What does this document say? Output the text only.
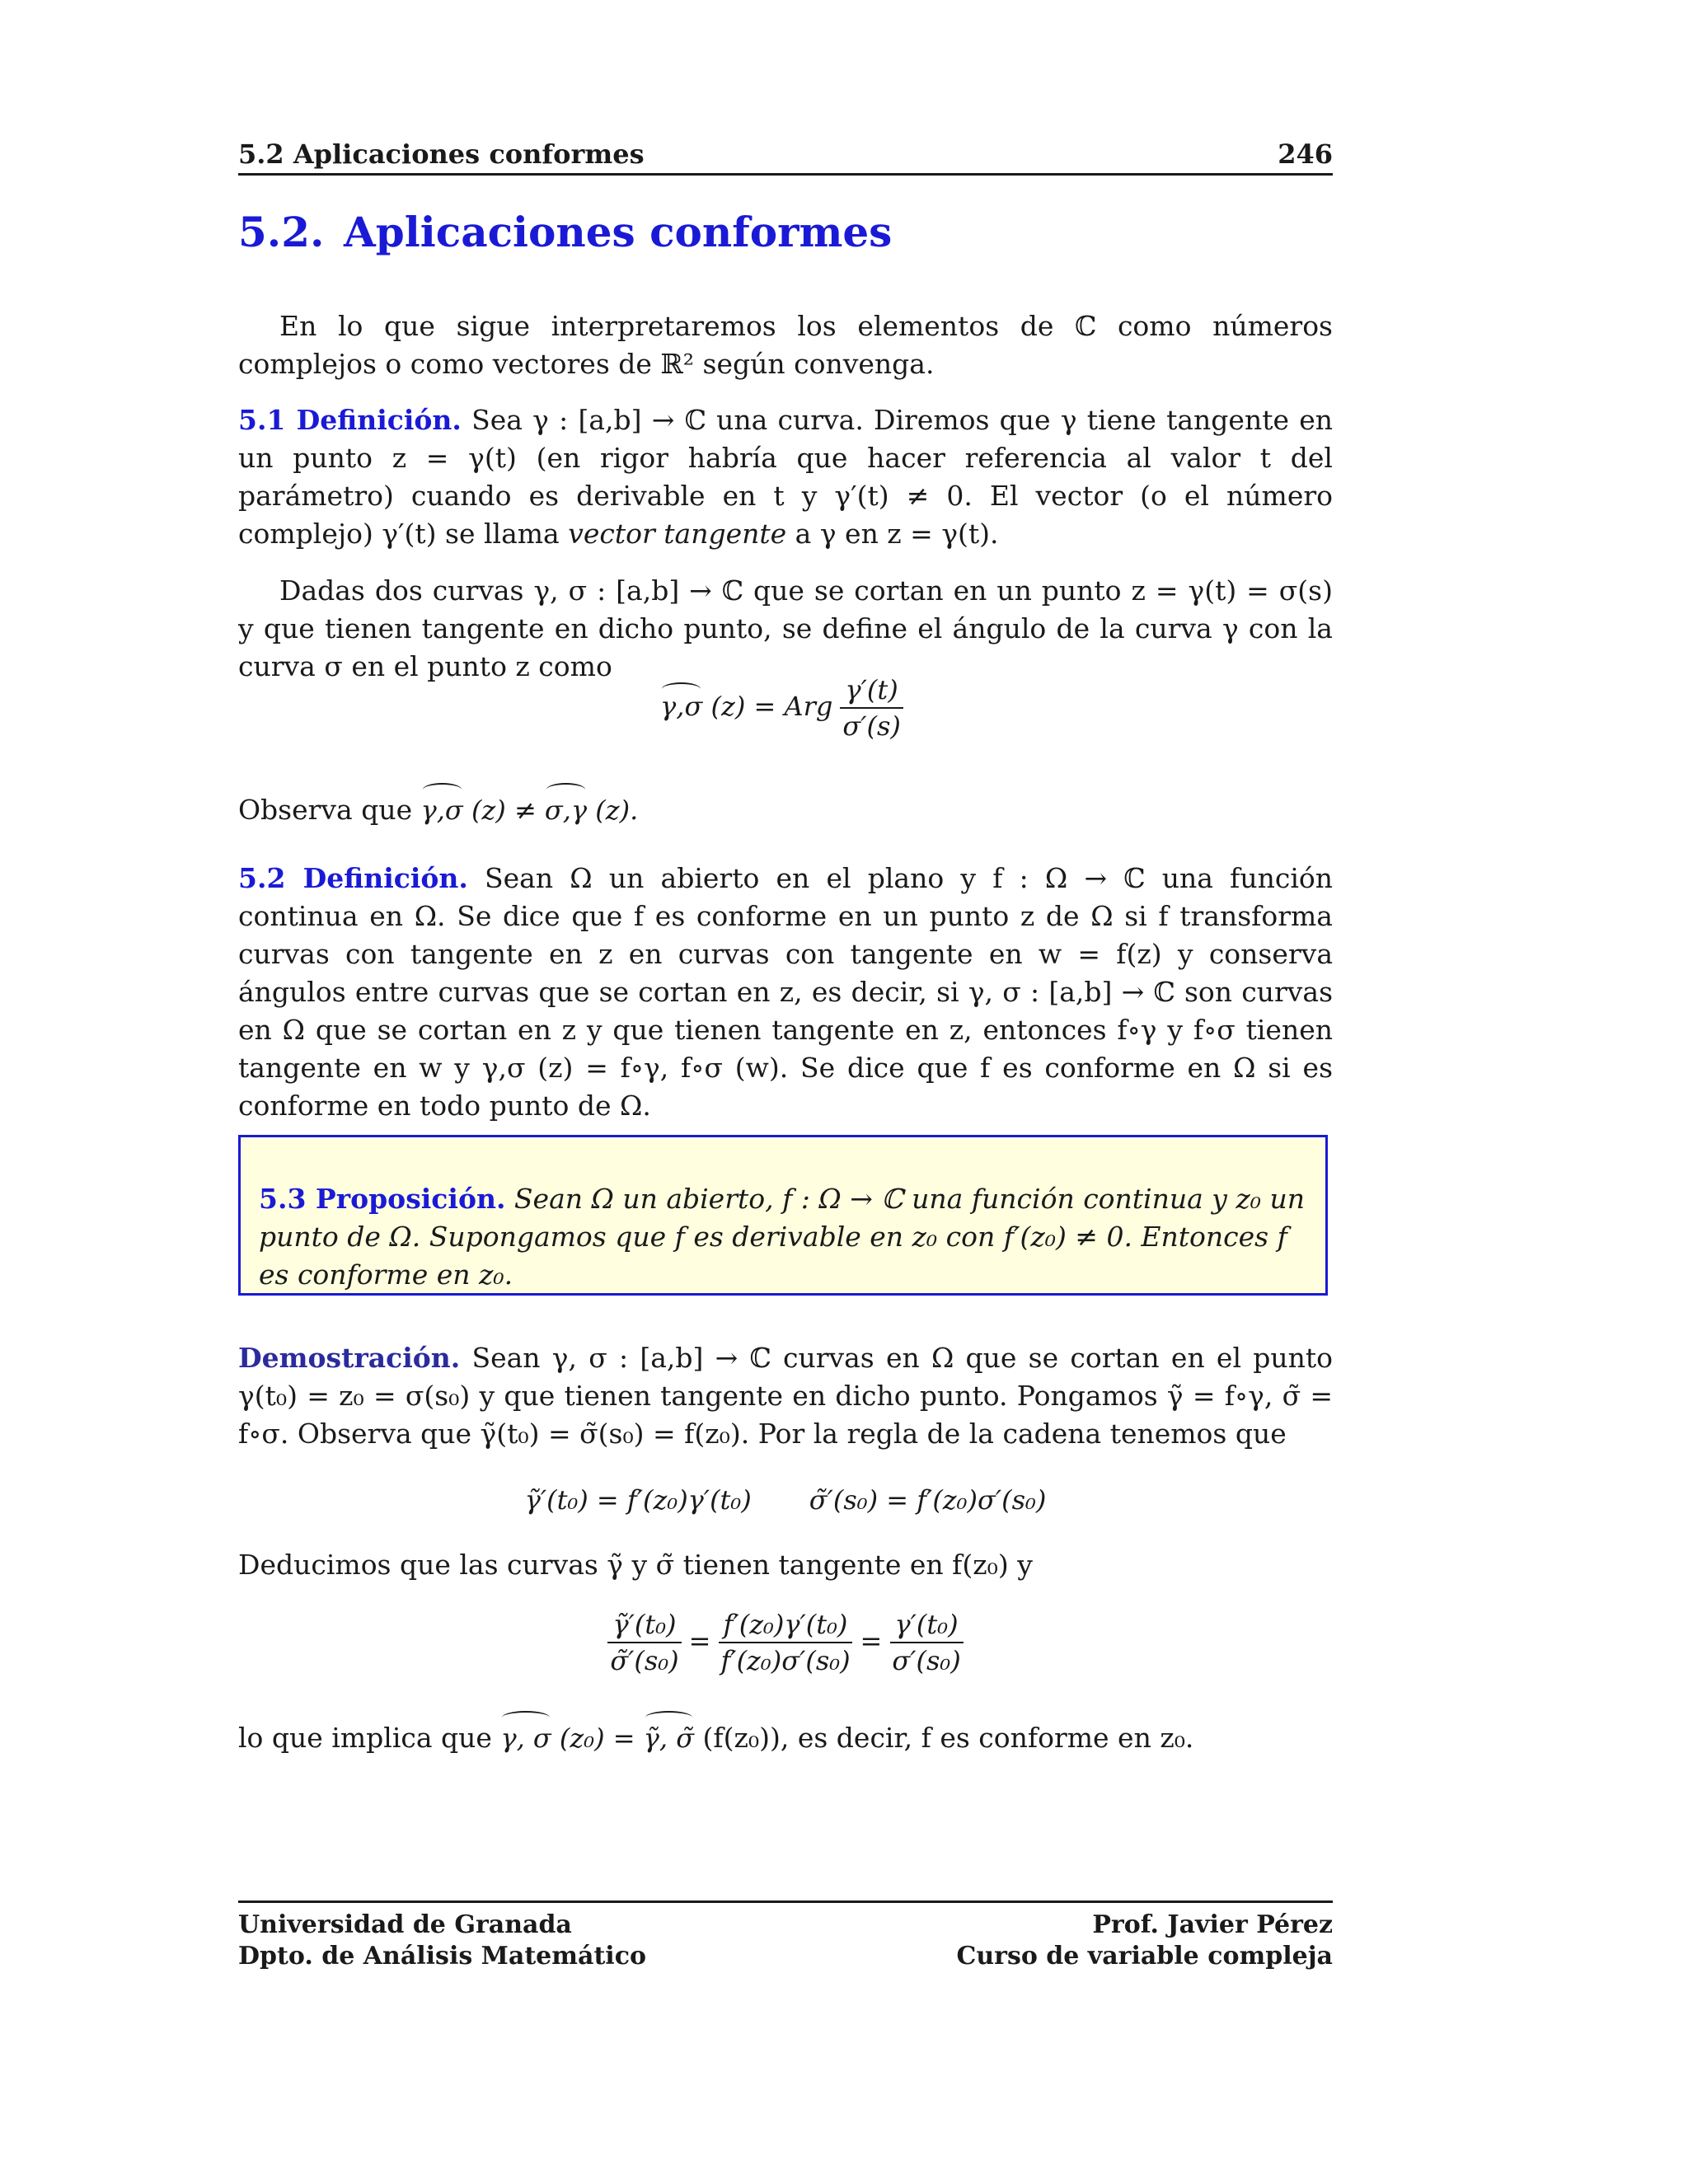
5.2 Aplicaciones conformes	246
5.2. Aplicaciones conformes
En lo que sigue interpretaremos los elementos de ℂ como números complejos o como vectores de ℝ² según convenga.
5.1 Definición. Sea γ : [a,b] → ℂ una curva. Diremos que γ tiene tangente en un punto z = γ(t) (en rigor habría que hacer referencia al valor t del parámetro) cuando es derivable en t y γ′(t) ≠ 0. El vector (o el número complejo) γ′(t) se llama vector tangente a γ en z = γ(t).
Dadas dos curvas γ, σ : [a,b] → ℂ que se cortan en un punto z = γ(t) = σ(s) y que tienen tangente en dicho punto, se define el ángulo de la curva γ con la curva σ en el punto z como
γ,σ (z) = Arg $\frac{\gamma'(t)}{\sigma'(s)}$
Observa que γ,σ (z) ≠ σ,γ (z).
5.2 Definición. Sean Ω un abierto en el plano y f : Ω → ℂ una función continua en Ω. Se dice que f es conforme en un punto z de Ω si f transforma curvas con tangente en z en curvas con tangente en w = f(z) y conserva ángulos entre curvas que se cortan en z, es decir, si γ, σ : [a,b] → ℂ son curvas en Ω que se cortan en z y que tienen tangente en z, entonces f∘γ y f∘σ tienen tangente en w y γ,σ (z) = f∘γ, f∘σ (w). Se dice que f es conforme en Ω si es conforme en todo punto de Ω.
5.3 Proposición. Sean Ω un abierto, f : Ω → ℂ una función continua y z₀ un punto de Ω. Supongamos que f es derivable en z₀ con f′(z₀) ≠ 0. Entonces f es conforme en z₀.
Demostración. Sean γ, σ : [a,b] → ℂ curvas en Ω que se cortan en el punto γ(t₀) = z₀ = σ(s₀) y que tienen tangente en dicho punto. Pongamos γ̃ = f∘γ, σ̃ = f∘σ. Observa que γ̃(t₀) = σ̃(s₀) = f(z₀). Por la regla de la cadena tenemos que
γ̃′(t₀) = f′(z₀)γ′(t₀) σ̃′(s₀) = f′(z₀)σ′(s₀)
Deducimos que las curvas γ̃ y σ̃ tienen tangente en f(z₀) y
$\frac{\text{γ̃′(t₀)}}{\text{σ̃′(s₀)}} = \frac{\text{f′(z₀)γ′(t₀)}}{\text{f′(z₀)σ′(s₀)}} = \frac{\text{γ′(t₀)}}{\text{σ′(s₀)}}$
lo que implica que γ, σ (z₀) = γ̃, σ̃ (f(z₀)), es decir, f es conforme en z₀.
Universidad de Granada
Dpto. de Análisis Matemático
Prof. Javier Pérez
Curso de variable compleja
